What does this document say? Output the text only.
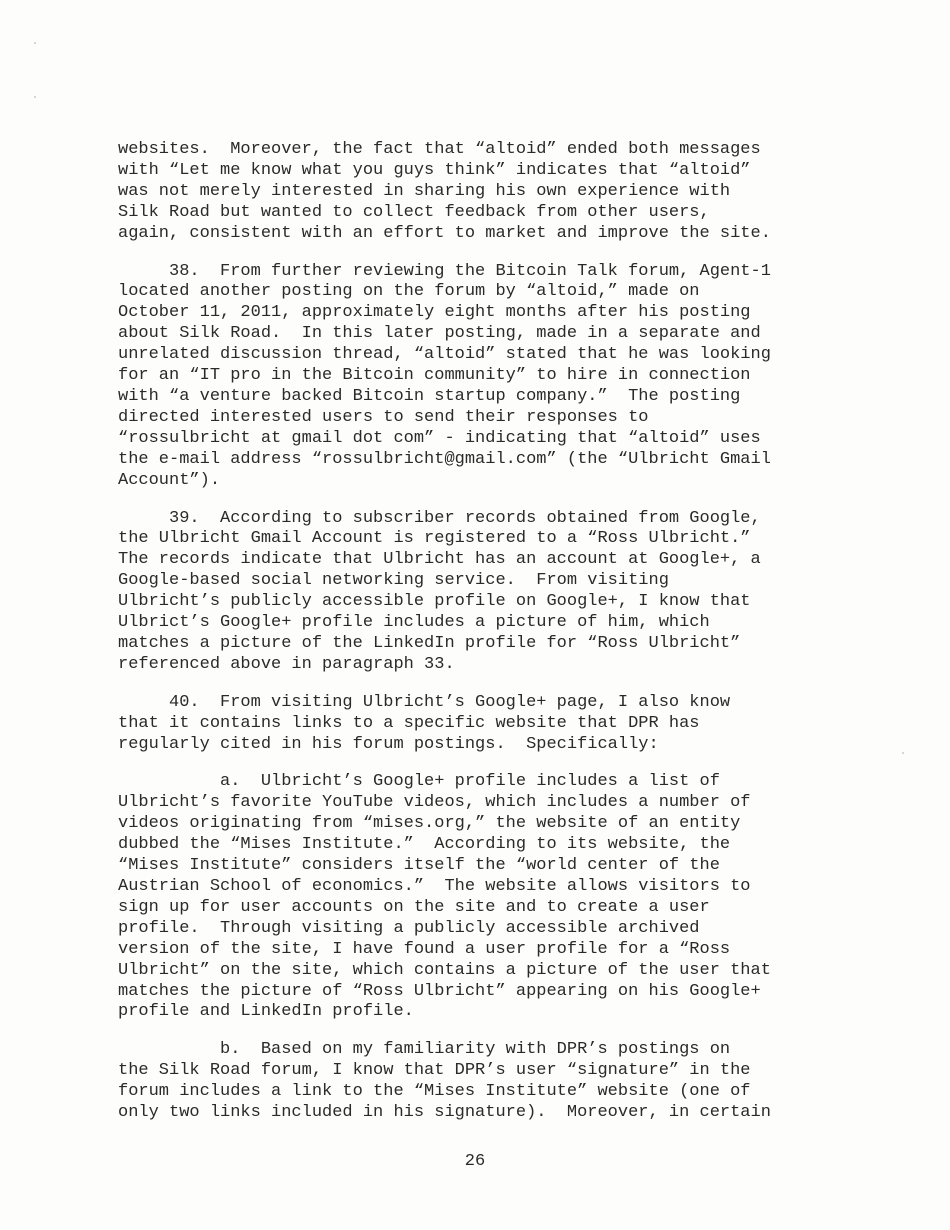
websites.  Moreover, the fact that “altoid” ended both messages
with “Let me know what you guys think” indicates that “altoid”
was not merely interested in sharing his own experience with
Silk Road but wanted to collect feedback from other users,
again, consistent with an effort to market and improve the site.
38.  From further reviewing the Bitcoin Talk forum, Agent-1
located another posting on the forum by “altoid,” made on
October 11, 2011, approximately eight months after his posting
about Silk Road.  In this later posting, made in a separate and
unrelated discussion thread, “altoid” stated that he was looking
for an “IT pro in the Bitcoin community” to hire in connection
with “a venture backed Bitcoin startup company.”  The posting
directed interested users to send their responses to
“rossulbricht at gmail dot com” - indicating that “altoid” uses
the e-mail address “rossulbricht@gmail.com” (the “Ulbricht Gmail
Account”).
39.  According to subscriber records obtained from Google,
the Ulbricht Gmail Account is registered to a “Ross Ulbricht.”
The records indicate that Ulbricht has an account at Google+, a
Google-based social networking service.  From visiting
Ulbricht’s publicly accessible profile on Google+, I know that
Ulbrict’s Google+ profile includes a picture of him, which
matches a picture of the LinkedIn profile for “Ross Ulbricht”
referenced above in paragraph 33.
40.  From visiting Ulbricht’s Google+ page, I also know
that it contains links to a specific website that DPR has
regularly cited in his forum postings.  Specifically:
a.  Ulbricht’s Google+ profile includes a list of
Ulbricht’s favorite YouTube videos, which includes a number of
videos originating from “mises.org,” the website of an entity
dubbed the “Mises Institute.”  According to its website, the
“Mises Institute” considers itself the “world center of the
Austrian School of economics.”  The website allows visitors to
sign up for user accounts on the site and to create a user
profile.  Through visiting a publicly accessible archived
version of the site, I have found a user profile for a “Ross
Ulbricht” on the site, which contains a picture of the user that
matches the picture of “Ross Ulbricht” appearing on his Google+
profile and LinkedIn profile.
b.  Based on my familiarity with DPR’s postings on
the Silk Road forum, I know that DPR’s user “signature” in the
forum includes a link to the “Mises Institute” website (one of
only two links included in his signature).  Moreover, in certain
26
